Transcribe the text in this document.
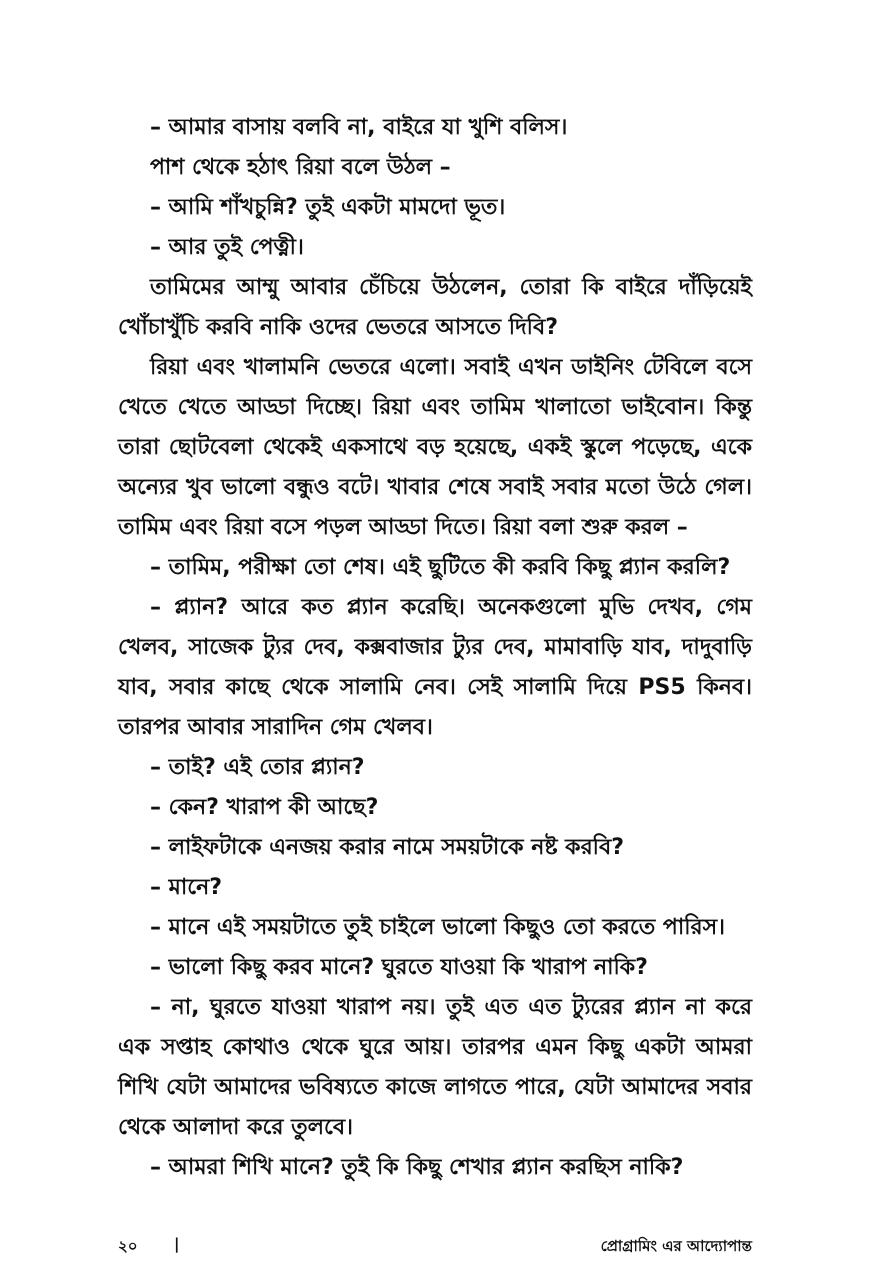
– আমার বাসায় বলবি না, বাইরে যা খুশি বলিস।

পাশ থেকে হঠাৎ রিয়া বলে উঠল –

– আমি শাঁখচুন্নি? তুই একটা মামদো ভূত।

– আর তুই পেত্নী।

তামিমের আম্মু আবার চেঁচিয়ে উঠলেন, তোরা কি বাইরে দাঁড়িয়েই খোঁচাখুঁচি করবি নাকি ওদের ভেতরে আসতে দিবি?

রিয়া এবং খালামনি ভেতরে এলো। সবাই এখন ডাইনিং টেবিলে বসে খেতে খেতে আড্ডা দিচ্ছে। রিয়া এবং তামিম খালাতো ভাইবোন। কিন্তু তারা ছোটবেলা থেকেই একসাথে বড় হয়েছে, একই স্কুলে পড়েছে, একে অন্যের খুব ভালো বন্ধুও বটে। খাবার শেষে সবাই সবার মতো উঠে গেল। তামিম এবং রিয়া বসে পড়ল আড্ডা দিতে। রিয়া বলা শুরু করল –

– তামিম, পরীক্ষা তো শেষ। এই ছুটিতে কী করবি কিছু প্ল্যান করলি?

– প্ল্যান? আরে কত প্ল্যান করেছি। অনেকগুলো মুভি দেখব, গেম খেলব, সাজেক ট্যুর দেব, কক্সবাজার ট্যুর দেব, মামাবাড়ি যাব, দাদুবাড়ি যাব, সবার কাছে থেকে সালামি নেব। সেই সালামি দিয়ে PS5 কিনব। তারপর আবার সারাদিন গেম খেলব।

– তাই? এই তোর প্ল্যান?

– কেন? খারাপ কী আছে?

– লাইফটাকে এনজয় করার নামে সময়টাকে নষ্ট করবি?

– মানে?

– মানে এই সময়টাতে তুই চাইলে ভালো কিছুও তো করতে পারিস।

– ভালো কিছু করব মানে? ঘুরতে যাওয়া কি খারাপ নাকি?

– না, ঘুরতে যাওয়া খারাপ নয়। তুই এত এত ট্যুরের প্ল্যান না করে এক সপ্তাহ কোথাও থেকে ঘুরে আয়। তারপর এমন কিছু একটা আমরা শিখি যেটা আমাদের ভবিষ্যতে কাজে লাগতে পারে, যেটা আমাদের সবার থেকে আলাদা করে তুলবে।

– আমরা শিখি মানে? তুই কি কিছু শেখার প্ল্যান করছিস নাকি?

২০ |	প্রোগ্রামিং এর আদ্যোপান্ত
